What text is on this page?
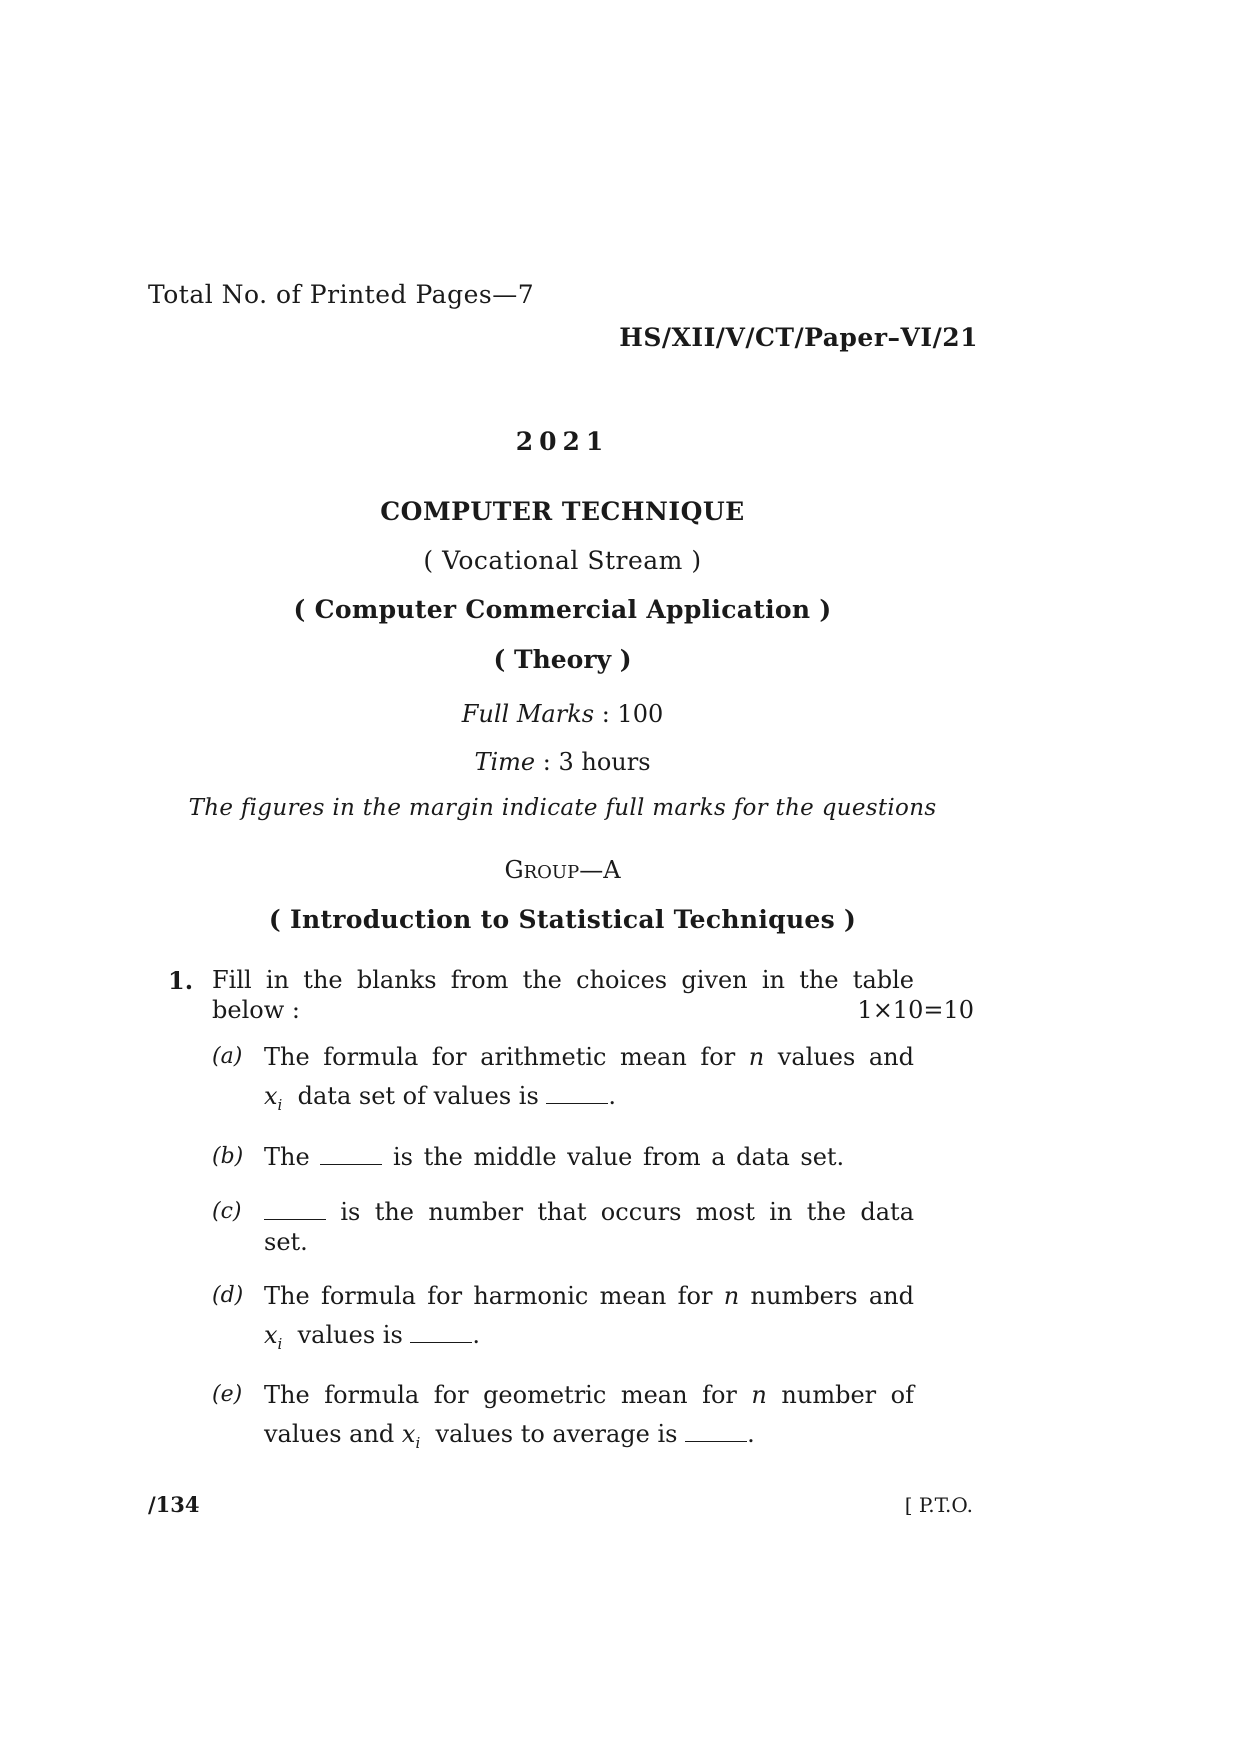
Total No. of Printed Pages—7
HS/XII/V/CT/Paper–VI/21
2021
COMPUTER TECHNIQUE
( Vocational Stream )
( Computer Commercial Application )
( Theory )
Full Marks : 100
Time : 3 hours
The figures in the margin indicate full marks for the questions
GROUP—A
( Introduction to Statistical Techniques )
1. Fill in the blanks from the choices given in the table
below :	1×10=10
(a) The formula for arithmetic mean for n values and
$x_i$ data set of values is	.
(b) The	is the middle value from a data set.
(c)	is the number that occurs most in the data
set.
(d) The formula for harmonic mean for n numbers and
$x_i$ values is	.
(e) The formula for geometric mean for n number of
values and $x_i$ values to average is	.
/134	[ P.T.O.
